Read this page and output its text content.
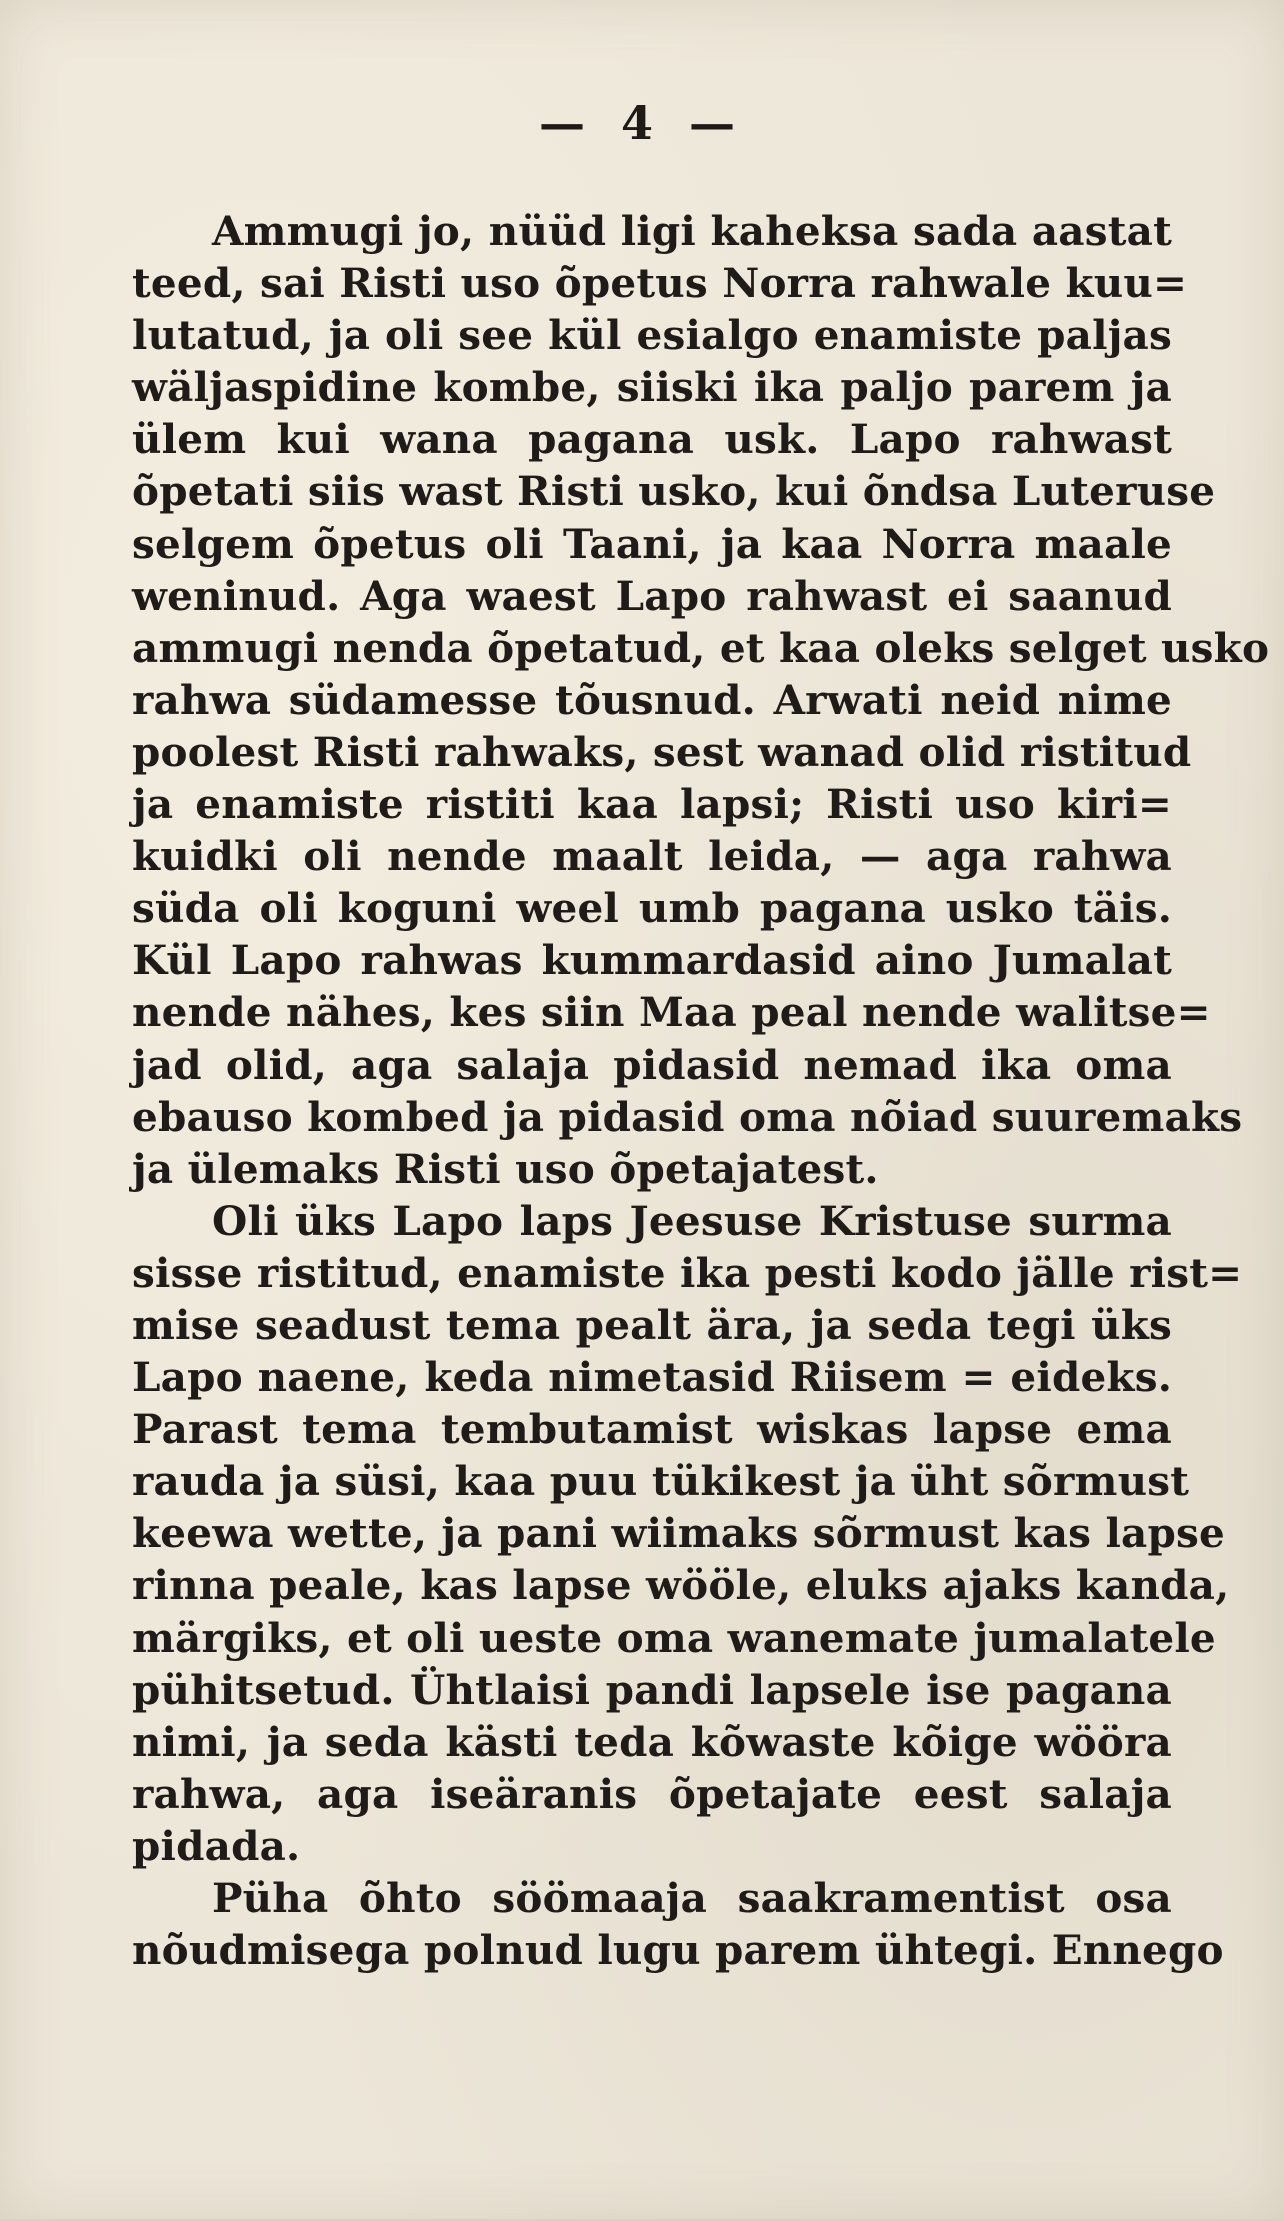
— 4 —
Ammugi jo, nüüd ligi kaheksa sada aastat
teed, sai Risti uso õpetus Norra rahwale kuu=
lutatud, ja oli see kül esialgo enamiste paljas
wäljaspidine kombe, siiski ika paljo parem ja
ülem kui wana pagana usk. Lapo rahwast
õpetati siis wast Risti usko, kui õndsa Luteruse
selgem õpetus oli Taani, ja kaa Norra maale
weninud. Aga waest Lapo rahwast ei saanud
ammugi nenda õpetatud, et kaa oleks selget usko
rahwa südamesse tõusnud. Arwati neid nime
poolest Risti rahwaks, sest wanad olid ristitud
ja enamiste ristiti kaa lapsi; Risti uso kiri=
kuidki oli nende maalt leida, — aga rahwa
süda oli koguni weel umb pagana usko täis.
Kül Lapo rahwas kummardasid aino Jumalat
nende nähes, kes siin Maa peal nende walitse=
jad olid, aga salaja pidasid nemad ika oma
ebauso kombed ja pidasid oma nõiad suuremaks
ja ülemaks Risti uso õpetajatest.
Oli üks Lapo laps Jeesuse Kristuse surma
sisse ristitud, enamiste ika pesti kodo jälle rist=
mise seadust tema pealt ära, ja seda tegi üks
Lapo naene, keda nimetasid Riisem = eideks.
Parast tema tembutamist wiskas lapse ema
rauda ja süsi, kaa puu tükikest ja üht sõrmust
keewa wette, ja pani wiimaks sõrmust kas lapse
rinna peale, kas lapse wööle, eluks ajaks kanda,
märgiks, et oli ueste oma wanemate jumalatele
pühitsetud. Ühtlaisi pandi lapsele ise pagana
nimi, ja seda kästi teda kõwaste kõige wööra
rahwa, aga iseäranis õpetajate eest salaja
pidada.
Püha õhto söömaaja saakramentist osa
nõudmisega polnud lugu parem ühtegi. Ennego
